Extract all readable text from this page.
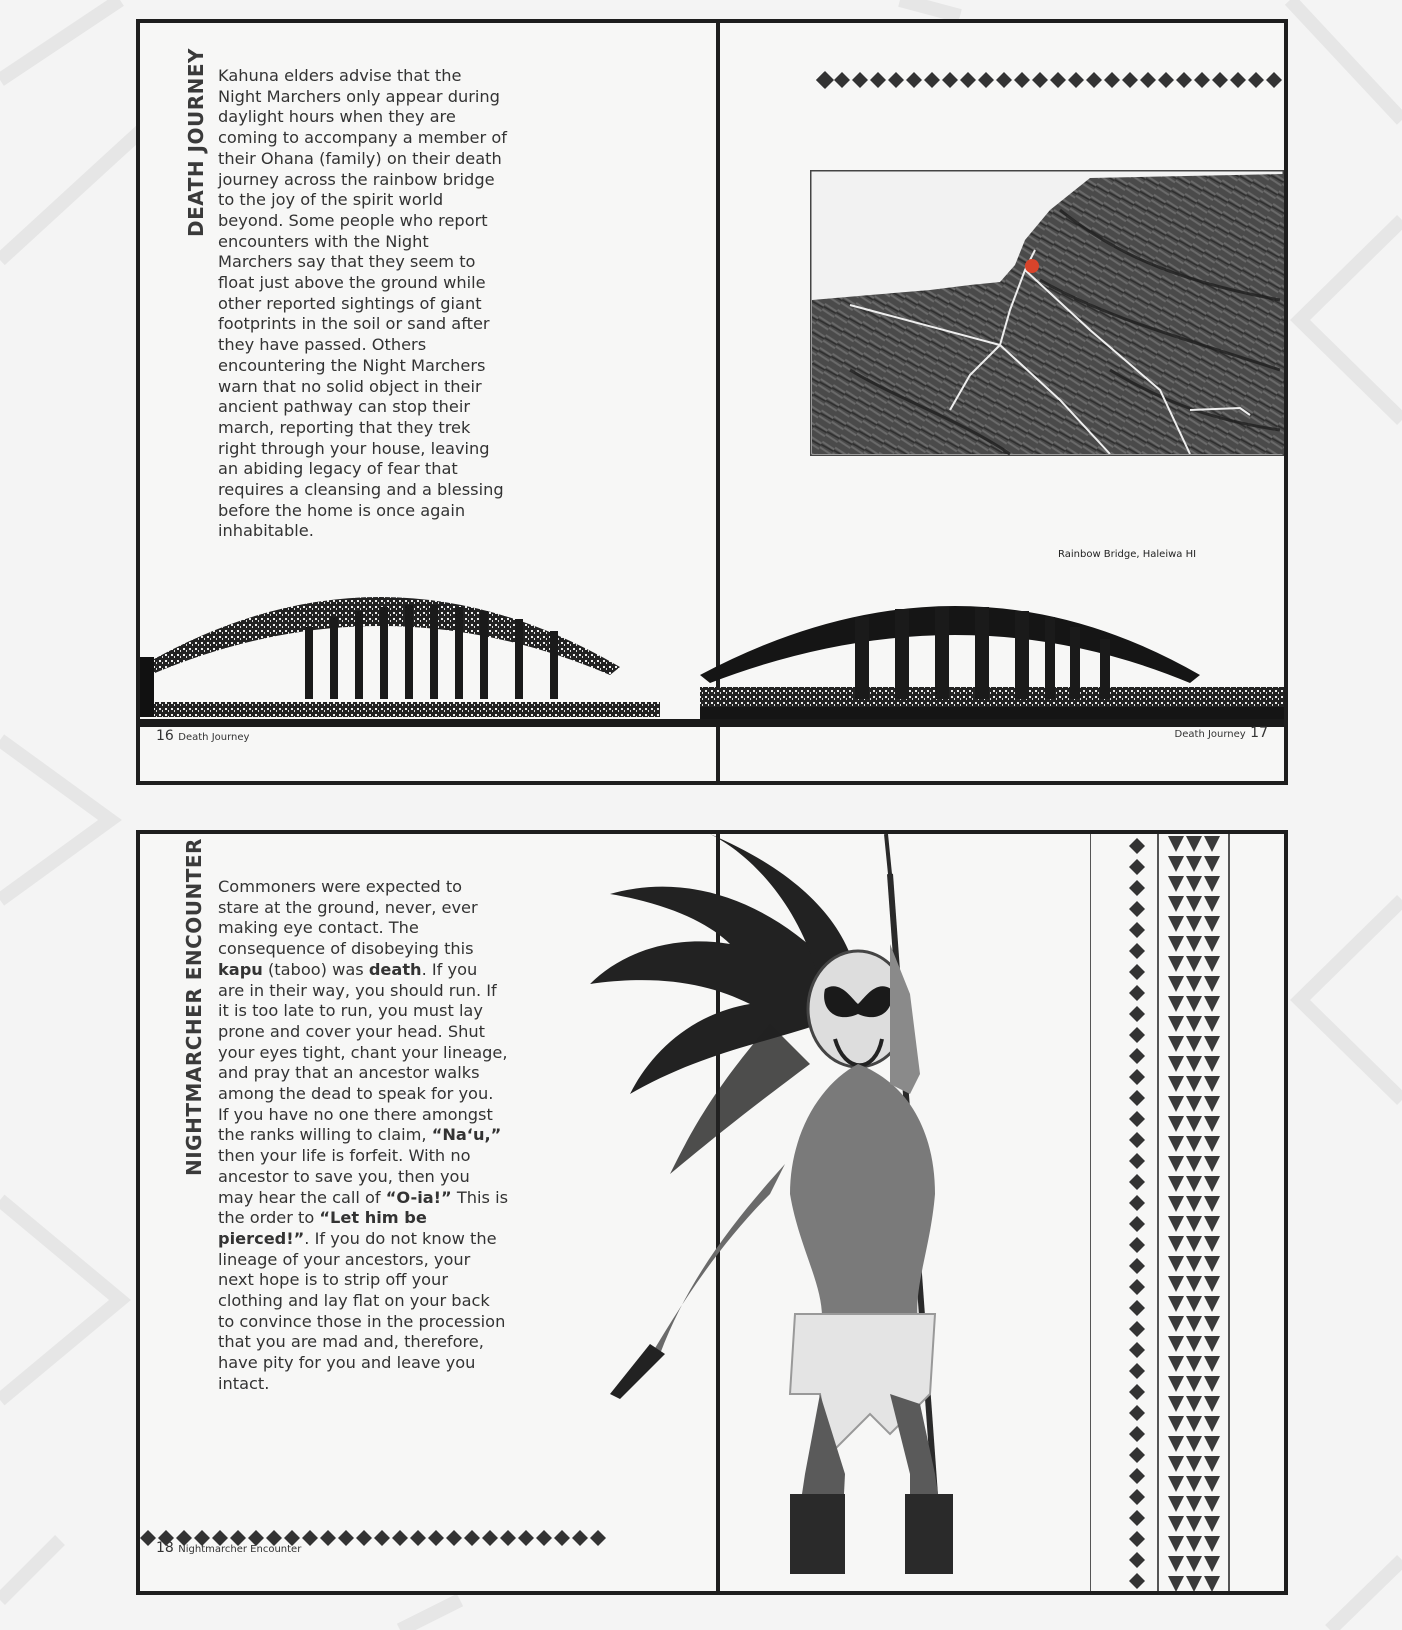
DEATH JOURNEY Kahuna elders advise that the Night Marchers only appear during daylight hours when they are coming to accompany a member of their Ohana (family) on their death journey across the rainbow bridge to the joy of the spirit world beyond. Some people who report encounters with the Night Marchers say that they seem to float just above the ground while other reported sightings of giant footprints in the soil or sand after they have passed. Others encountering the Night Marchers warn that no solid object in their ancient pathway can stop their march, reporting that they trek right through your house, leaving an abiding legacy of fear that requires a cleansing and a blessing before the home is once again inhabitable.

16 Death Journey
Rainbow Bridge, Haleiwa HI
Death Journey 17
NIGHTMARCHER ENCOUNTER Commoners were expected to stare at the ground, never, ever making eye contact. The consequence of disobeying this kapu (taboo) was death. If you are in their way, you should run. If it is too late to run, you must lay prone and cover your head. Shut your eyes tight, chant your lineage, and pray that an ancestor walks among the dead to speak for you. If you have no one there amongst the ranks willing to claim, “Na‘u,” then your life is forfeit. With no ancestor to save you, then you may hear the call of “O-ia!” This is the order to “Let him be pierced!”. If you do not know the lineage of your ancestors, your next hope is to strip off your clothing and lay flat on your back to convince those in the procession that you are mad and, therefore, have pity for you and leave you intact.

18 Nightmarcher Encounter
